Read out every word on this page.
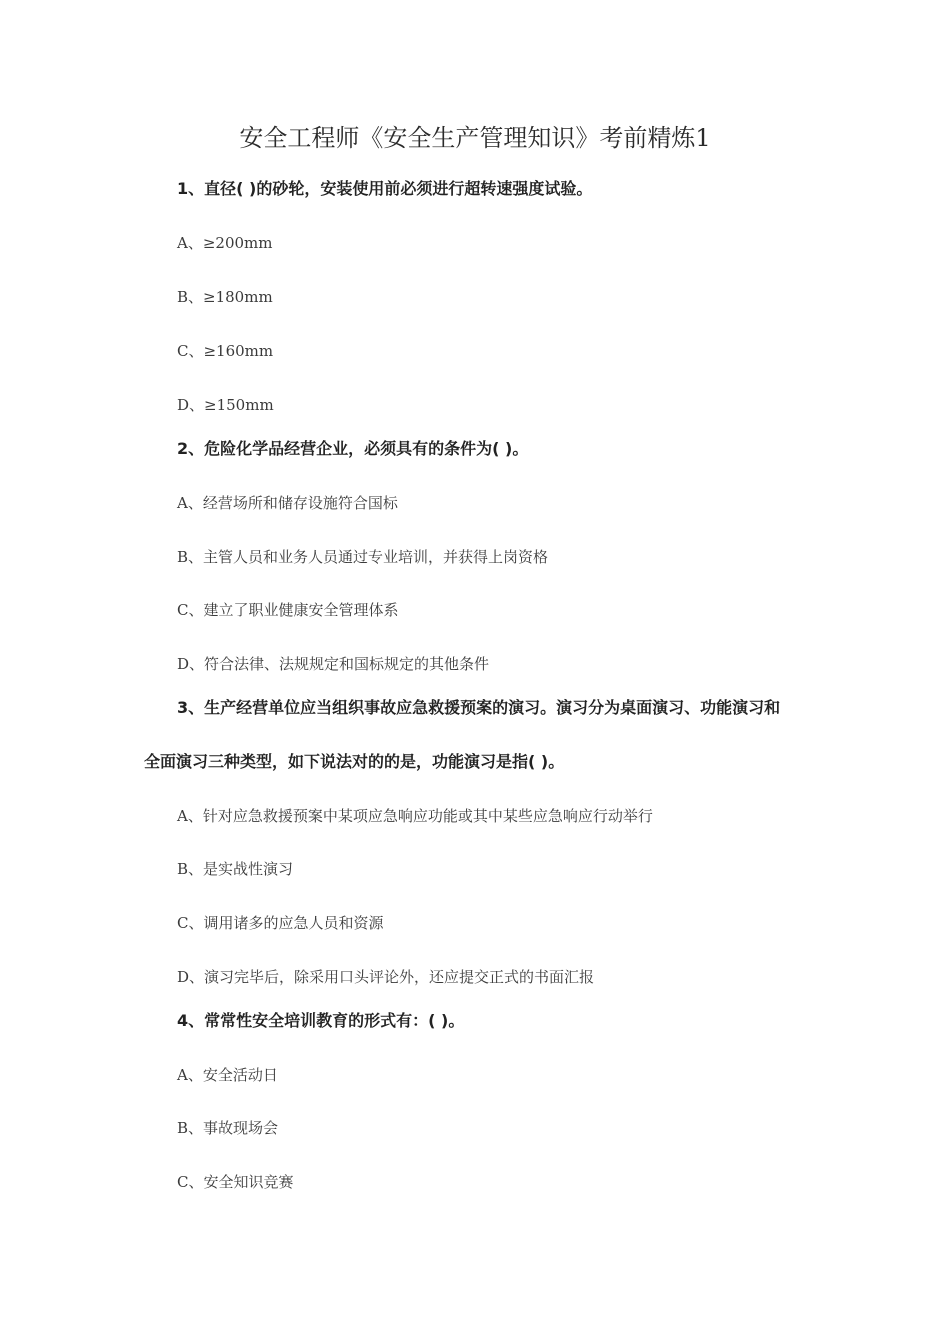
安全工程师《安全生产管理知识》考前精炼1
1、直径( )的砂轮，安装使用前必须进行超转速强度试验。
A、≥200mm
B、≥180mm
C、≥160mm
D、≥150mm
2、危险化学品经营企业，必须具有的条件为( )。
A、经营场所和储存设施符合国标
B、主管人员和业务人员通过专业培训，并获得上岗资格
C、建立了职业健康安全管理体系
D、符合法律、法规规定和国标规定的其他条件
3、生产经营单位应当组织事故应急救援预案的演习。演习分为桌面演习、功能演习和
全面演习三种类型，如下说法对的的是，功能演习是指( )。
A、针对应急救援预案中某项应急响应功能或其中某些应急响应行动举行
B、是实战性演习
C、调用诸多的应急人员和资源
D、演习完毕后，除采用口头评论外，还应提交正式的书面汇报
4、常常性安全培训教育的形式有：( )。
A、安全活动日
B、事故现场会
C、安全知识竞赛
